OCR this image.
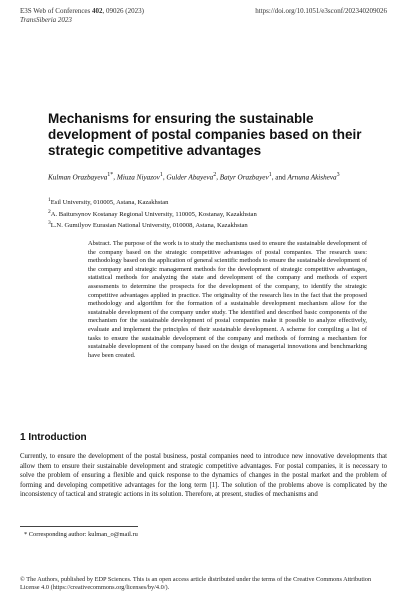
E3S Web of Conferences 402, 09026 (2023)
TransSiberia 2023
https://doi.org/10.1051/e3sconf/202340209026
Mechanisms for ensuring the sustainable development of postal companies based on their strategic competitive advantages
Kulman Orazbayeva$^{1*}$, Miuza Niyazov$^1$, Gulder Abayeva$^2$, Batyr Orazbayev$^1$, and Arnuna Akisheva$^3$
$^1$Esil University, 010005, Astana, Kazakhstan
$^2$A. Baitursynov Kostanay Regional University, 110005, Kostanay, Kazakhstan
$^3$L.N. Gumilyov Eurasian National University, 010008, Astana, Kazakhstan
Abstract. The purpose of the work is to study the mechanisms used to ensure the sustainable development of the company based on the strategic competitive advantages of postal companies. The research uses: methodology based on the application of general scientific methods to ensure the sustainable development of the company and strategic management methods for the development of strategic competitive advantages, statistical methods for analyzing the state and development of the company and methods of expert assessments to determine the prospects for the development of the company, to identify the strategic competitive advantages applied in practice. The originality of the research lies in the fact that the proposed methodology and algorithm for the formation of a sustainable development mechanism allow for the sustainable development of the company under study. The identified and described basic components of the mechanism for the sustainable development of postal companies make it possible to analyze effectively, evaluate and implement the principles of their sustainable development. A scheme for compiling a list of tasks to ensure the sustainable development of the company and methods of forming a mechanism for sustainable development of the company based on the design of managerial innovations and benchmarking have been created.
1 Introduction
Currently, to ensure the development of the postal business, postal companies need to introduce new innovative developments that allow them to ensure their sustainable development and strategic competitive advantages. For postal companies, it is necessary to solve the problem of ensuring a flexible and quick response to the dynamics of changes in the postal market and the problem of forming and developing competitive advantages for the long term [1]. The solution of the problems above is complicated by the inconsistency of tactical and strategic actions in its solution. Therefore, at present, studies of mechanisms and
* Corresponding author: kulman_o@mail.ru
© The Authors, published by EDP Sciences. This is an open access article distributed under the terms of the Creative Commons Attribution License 4.0 (https://creativecommons.org/licenses/by/4.0/).
